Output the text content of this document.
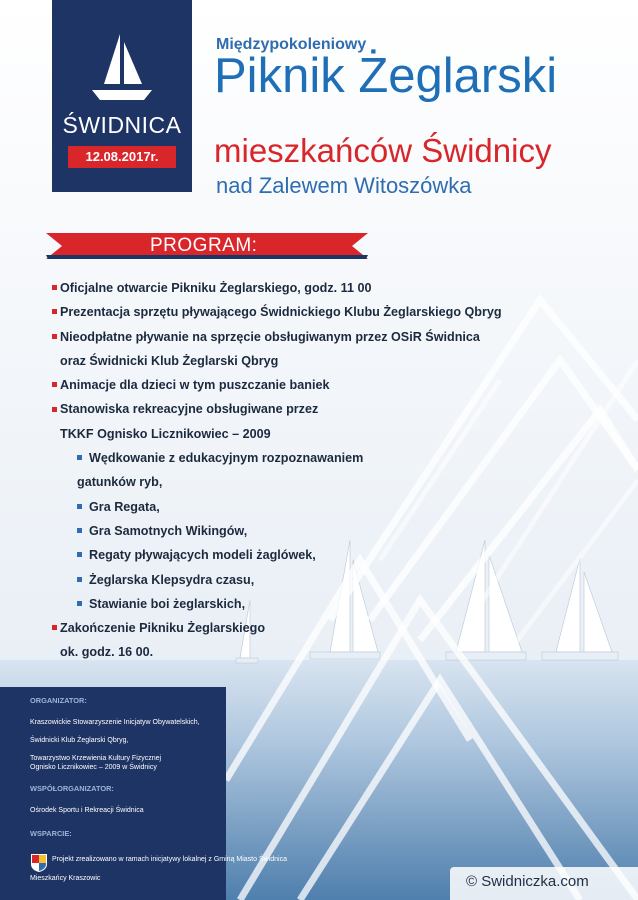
ŚWIDNICA
12.08.2017r.
Międzypokoleniowy
Piknik Żeglarski
mieszkańców Świdnicy
nad Zalewem Witoszówka
PROGRAM:
Oficjalne otwarcie Pikniku Żeglarskiego, godz. 11 00
Prezentacja sprzętu pływającego Świdnickiego Klubu Żeglarskiego Qbryg
Nieodpłatne pływanie na sprzęcie obsługiwanym przez OSiR Świdnica
oraz Świdnicki Klub Żeglarski Qbryg
Animacje dla dzieci w tym puszczanie baniek
Stanowiska rekreacyjne obsługiwane przez
TKKF Ognisko Licznikowiec – 2009
Wędkowanie z edukacyjnym rozpoznawaniem
gatunków ryb,
Gra Regata,
Gra Samotnych Wikingów,
Regaty pływających modeli żaglówek,
Żeglarska Klepsydra czasu,
Stawianie boi żeglarskich,
Zakończenie Pikniku Żeglarskiego
ok. godz. 16 00.
ORGANIZATOR:
Kraszowickie Stowarzyszenie Inicjatyw Obywatelskich,
Świdnicki Klub Żeglarski Qbryg,
Towarzystwo Krzewienia Kultury Fizycznej
Ognisko Licznikowiec – 2009 w Świdnicy
WSPÓŁORGANIZATOR:
Ośrodek Sportu i Rekreacji Świdnica
WSPARCIE:
Projekt zrealizowano w ramach inicjatywy lokalnej z Gminą Miasto Świdnica
Mieszkańcy Kraszowic	© Swidniczka.com
